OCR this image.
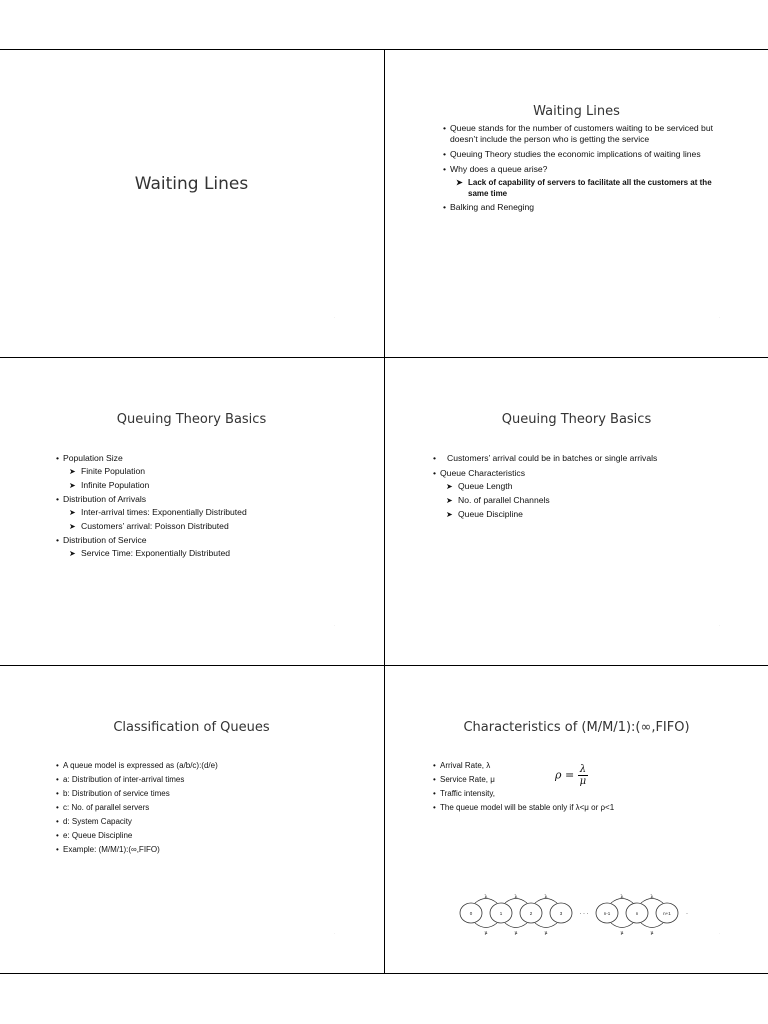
Waiting Lines
·
Waiting Lines
• Queue stands for the number of customers waiting to be serviced but doesn’t include the person who is getting the service
• Queuing Theory studies the economic implications of waiting lines
• Why does a queue arise?
➤ Lack of capability of servers to facilitate all the customers at the same time
• Balking and Reneging
·
Queuing Theory Basics
• Population Size
➤ Finite Population
➤ Infinite Population
• Distribution of Arrivals
➤ Inter-arrival times: Exponentially Distributed
➤ Customers’ arrival: Poisson Distributed
• Distribution of Service
➤ Service Time: Exponentially Distributed
·
Queuing Theory Basics
• Customers’ arrival could be in batches or single arrivals
• Queue Characteristics
➤ Queue Length
➤ No. of parallel Channels
➤ Queue Discipline
·
Classification of Queues
• A queue model is expressed as (a/b/c):(d/e)
• a: Distribution of inter-arrival times
• b: Distribution of service times
• c: No. of parallel servers
• d: System Capacity
• e: Queue Discipline
• Example: (M/M/1):(∞,FIFO)
·
Characteristics of (M/M/1):(∞,FIFO)
• Arrival Rate, λ
• Service Rate, μ
• Traffic intensity,
• The queue model will be stable only if λ<μ or ρ<1
$\rho = \frac{\lambda}{\mu}$
0	1	2	3	n-1	n	n+1
λ
μ
λ
μ
λ
μ
λ
μ
λ
μ
· · ·	·
·
